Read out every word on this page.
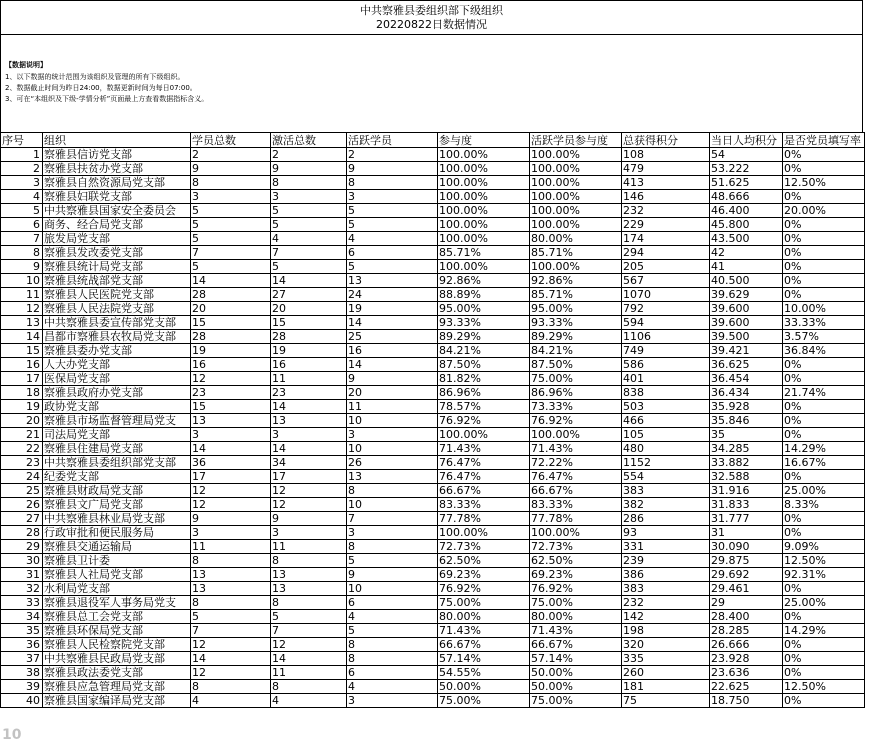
中共察雅县委组织部下级组织
20220822日数据情况
【数据说明】
1、以下数据的统计范围为该组织及管理的所有下级组织。
2、数据截止时间为昨日24:00，数据更新时间为每日07:00。
3、可在“本组织及下级-学情分析”页面最上方查看数据指标含义。
序号	组织	学员总数	激活总数	活跃学员	参与度	活跃学员参与度	总获得积分	当日人均积分	是否党员填写率
1	察雅县信访党支部	2	2	2	100.00%	100.00%	108	54	0%
2	察雅县扶贫办党支部	9	9	9	100.00%	100.00%	479	53.222	0%
3	察雅县自然资源局党支部	8	8	8	100.00%	100.00%	413	51.625	12.50%
4	察雅县妇联党支部	3	3	3	100.00%	100.00%	146	48.666	0%
5	中共察雅县国家安全委员会	5	5	5	100.00%	100.00%	232	46.400	20.00%
6	商务、经合局党支部	5	5	5	100.00%	100.00%	229	45.800	0%
7	旅发局党支部	5	4	4	100.00%	80.00%	174	43.500	0%
8	察雅县发改委党支部	7	7	6	85.71%	85.71%	294	42	0%
9	察雅县统计局党支部	5	5	5	100.00%	100.00%	205	41	0%
10	察雅县统战部党支部	14	14	13	92.86%	92.86%	567	40.500	0%
11	察雅县人民医院党支部	28	27	24	88.89%	85.71%	1070	39.629	0%
12	察雅县人民法院党支部	20	20	19	95.00%	95.00%	792	39.600	10.00%
13	中共察雅县委宣传部党支部	15	15	14	93.33%	93.33%	594	39.600	33.33%
14	昌都市察雅县农牧局党支部	28	28	25	89.29%	89.29%	1106	39.500	3.57%
15	察雅县委办党支部	19	19	16	84.21%	84.21%	749	39.421	36.84%
16	人大办党支部	16	16	14	87.50%	87.50%	586	36.625	0%
17	医保局党支部	12	11	9	81.82%	75.00%	401	36.454	0%
18	察雅县政府办党支部	23	23	20	86.96%	86.96%	838	36.434	21.74%
19	政协党支部	15	14	11	78.57%	73.33%	503	35.928	0%
20	察雅县市场监督管理局党支	13	13	10	76.92%	76.92%	466	35.846	0%
21	司法局党支部	3	3	3	100.00%	100.00%	105	35	0%
22	察雅县住建局党支部	14	14	10	71.43%	71.43%	480	34.285	14.29%
23	中共察雅县委组织部党支部	36	34	26	76.47%	72.22%	1152	33.882	16.67%
24	纪委党支部	17	17	13	76.47%	76.47%	554	32.588	0%
25	察雅县财政局党支部	12	12	8	66.67%	66.67%	383	31.916	25.00%
26	察雅县文广局党支部	12	12	10	83.33%	83.33%	382	31.833	8.33%
27	中共察雅县林业局党支部	9	9	7	77.78%	77.78%	286	31.777	0%
28	行政审批和便民服务局	3	3	3	100.00%	100.00%	93	31	0%
29	察雅县交通运输局	11	11	8	72.73%	72.73%	331	30.090	9.09%
30	察雅县卫计委	8	8	5	62.50%	62.50%	239	29.875	12.50%
31	察雅县人社局党支部	13	13	9	69.23%	69.23%	386	29.692	92.31%
32	水利局党支部	13	13	10	76.92%	76.92%	383	29.461	0%
33	察雅县退役军人事务局党支	8	8	6	75.00%	75.00%	232	29	25.00%
34	察雅县总工会党支部	5	5	4	80.00%	80.00%	142	28.400	0%
35	察雅县环保局党支部	7	7	5	71.43%	71.43%	198	28.285	14.29%
36	察雅县人民检察院党支部	12	12	8	66.67%	66.67%	320	26.666	0%
37	中共察雅县民政局党支部	14	14	8	57.14%	57.14%	335	23.928	0%
38	察雅县政法委党支部	12	11	6	54.55%	50.00%	260	23.636	0%
39	察雅县应急管理局党支部	8	8	4	50.00%	50.00%	181	22.625	12.50%
40	察雅县国家编译局党支部	4	4	3	75.00%	75.00%	75	18.750	0%
10
